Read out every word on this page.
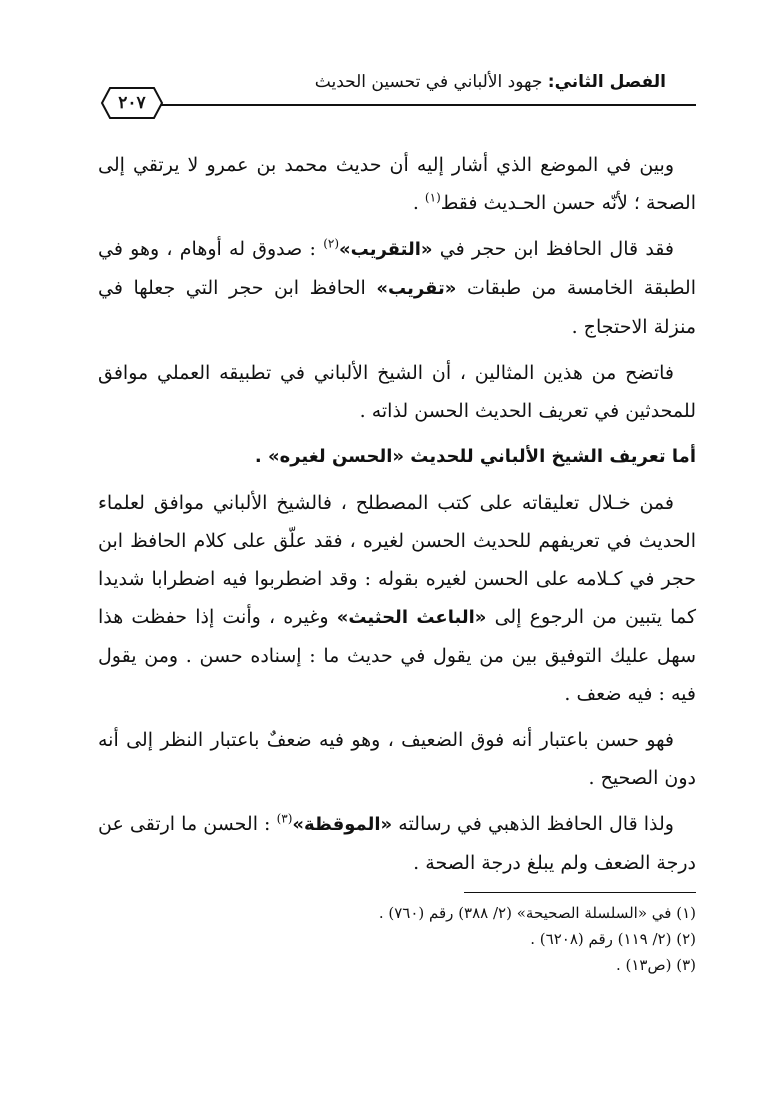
الفصل الثاني: جهود الألباني في تحسين الحديث
٢٠٧

وبين في الموضع الذي أشار إليه أن حديث محمد بن عمرو لا يرتقي إلى الصحة ؛ لأنّه حسن الحـديث فقط$^{(١)}$ .

فقد قال الحافظ ابن حجر في «التقريب»$^{(٢)}$ : صدوق له أوهام ، وهو في الطبقة الخامسة من طبقات «تقريب» الحافظ ابن حجر التي جعلها في منزلة الاحتجاج .

فاتضح من هذين المثالين ، أن الشيخ الألباني في تطبيقه العملي موافق للمحدثين في تعريف الحديث الحسن لذاته .

أما تعريف الشيخ الألباني للحديث «الحسن لغيره» .

فمن خـلال تعليقاته على كتب المصطلح ، فالشيخ الألباني موافق لعلماء الحديث في تعريفهم للحديث الحسن لغيره ، فقد علّق على كلام الحافظ ابن حجر في كـلامه على الحسن لغيره بقوله : وقد اضطربوا فيه اضطرابا شديدا كما يتبين من الرجوع إلى «الباعث الحثيث» وغيره ، وأنت إذا حفظت هذا سهل عليك التوفيق بين من يقول في حديث ما : إسناده حسن . ومن يقول فيه : فيه ضعف .

فهو حسن باعتبار أنه فوق الضعيف ، وهو فيه ضعفٌ باعتبار النظر إلى أنه دون الصحيح .

ولذا قال الحافظ الذهبي في رسالته «الموقظة»$^{(٣)}$ : الحسن ما ارتقى عن درجة الضعف ولم يبلغ درجة الصحة .

(١) في «السلسلة الصحيحة» (٢/ ٣٨٨) رقم (٧٦٠) .
(٢) (٢/ ١١٩) رقم (٦٢٠٨) .
(٣) (ص١٣) .
